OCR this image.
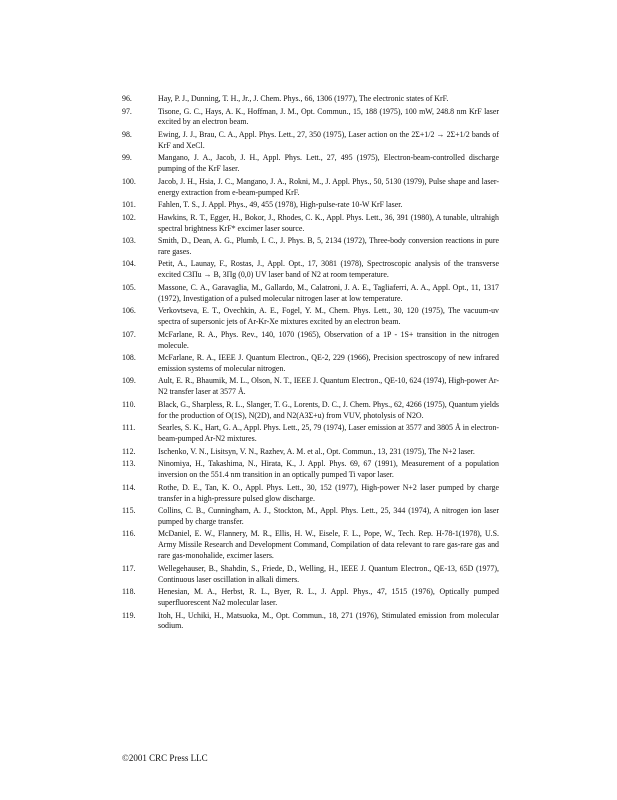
96.	Hay, P. J., Dunning, T. H., Jr., J. Chem. Phys., 66, 1306 (1977), The electronic states of KrF.
97.	Tisone, G. C., Hays, A. K., Hoffman, J. M., Opt. Commun., 15, 188 (1975), 100 mW, 248.8 nm KrF laser excited by an electron beam.
98.	Ewing, J. J., Brau, C. A., Appl. Phys. Lett., 27, 350 (1975), Laser action on the 2Σ+1/2 → 2Σ+1/2 bands of KrF and XeCl.
99.	Mangano, J. A., Jacob, J. H., Appl. Phys. Lett., 27, 495 (1975), Electron-beam-controlled discharge pumping of the KrF laser.
100.	Jacob, J. H., Hsia, J. C., Mangano, J. A., Rokni, M., J. Appl. Phys., 50, 5130 (1979), Pulse shape and laser-energy extraction from e-beam-pumped KrF.
101.	Fahlen, T. S., J. Appl. Phys., 49, 455 (1978), High-pulse-rate 10-W KrF laser.
102.	Hawkins, R. T., Egger, H., Bokor, J., Rhodes, C. K., Appl. Phys. Lett., 36, 391 (1980), A tunable, ultrahigh spectral brightness KrF* excimer laser source.
103.	Smith, D., Dean, A. G., Plumb, I. C., J. Phys. B, 5, 2134 (1972), Three-body conversion reactions in pure rare gases.
104.	Petit, A., Launay, F., Rostas, J., Appl. Opt., 17, 3081 (1978), Spectroscopic analysis of the transverse excited C3Πu → B, 3Πg (0,0) UV laser band of N2 at room temperature.
105.	Massone, C. A., Garavaglia, M., Gallardo, M., Calatroni, J. A. E., Tagliaferri, A. A., Appl. Opt., 11, 1317 (1972), Investigation of a pulsed molecular nitrogen laser at low temperature.
106.	Verkovtseva, E. T., Ovechkin, A. E., Fogel, Y. M., Chem. Phys. Lett., 30, 120 (1975), The vacuum-uv spectra of supersonic jets of Ar-Kr-Xe mixtures excited by an electron beam.
107.	McFarlane, R. A., Phys. Rev., 140, 1070 (1965), Observation of a 1P - 1S+ transition in the nitrogen molecule.
108.	McFarlane, R. A., IEEE J. Quantum Electron., QE-2, 229 (1966), Precision spectroscopy of new infrared emission systems of molecular nitrogen.
109.	Ault, E. R., Bhaumik, M. L., Olson, N. T., IEEE J. Quantum Electron., QE-10, 624 (1974), High-power Ar-N2 transfer laser at 3577 Å.
110.	Black, G., Sharpless, R. L., Slanger, T. G., Lorents, D. C., J. Chem. Phys., 62, 4266 (1975), Quantum yields for the production of O(1S), N(2D), and N2(A3Σ+u) from VUV, photolysis of N2O.
111.	Searles, S. K., Hart, G. A., Appl. Phys. Lett., 25, 79 (1974), Laser emission at 3577 and 3805 Å in electron-beam-pumped Ar-N2 mixtures.
112.	Ischenko, V. N., Lisitsyn, V. N., Razhev, A. M. et al., Opt. Commun., 13, 231 (1975), The N+2 laser.
113.	Ninomiya, H., Takashima, N., Hirata, K., J. Appl. Phys. 69, 67 (1991), Measurement of a population inversion on the 551.4 nm transition in an optically pumped Ti vapor laser.
114.	Rothe, D. E., Tan, K. O., Appl. Phys. Lett., 30, 152 (1977), High-power N+2 laser pumped by charge transfer in a high-pressure pulsed glow discharge.
115.	Collins, C. B., Cunningham, A. J., Stockton, M., Appl. Phys. Lett., 25, 344 (1974), A nitrogen ion laser pumped by charge transfer.
116.	McDaniel, E. W., Flannery, M. R., Ellis, H. W., Eisele, F. L., Pope, W., Tech. Rep. H-78-1(1978), U.S. Army Missile Research and Development Command, Compilation of data relevant to rare gas-rare gas and rare gas-monohalide, excimer lasers.
117.	Wellegehauser, B., Shahdin, S., Friede, D., Welling, H., IEEE J. Quantum Electron., QE-13, 65D (1977), Continuous laser oscillation in alkali dimers.
118.	Henesian, M. A., Herbst, R. L., Byer, R. L., J. Appl. Phys., 47, 1515 (1976), Optically pumped superfluorescent Na2 molecular laser.
119.	Itoh, H., Uchiki, H., Matsuoka, M., Opt. Commun., 18, 271 (1976), Stimulated emission from molecular sodium.
©2001 CRC Press LLC
